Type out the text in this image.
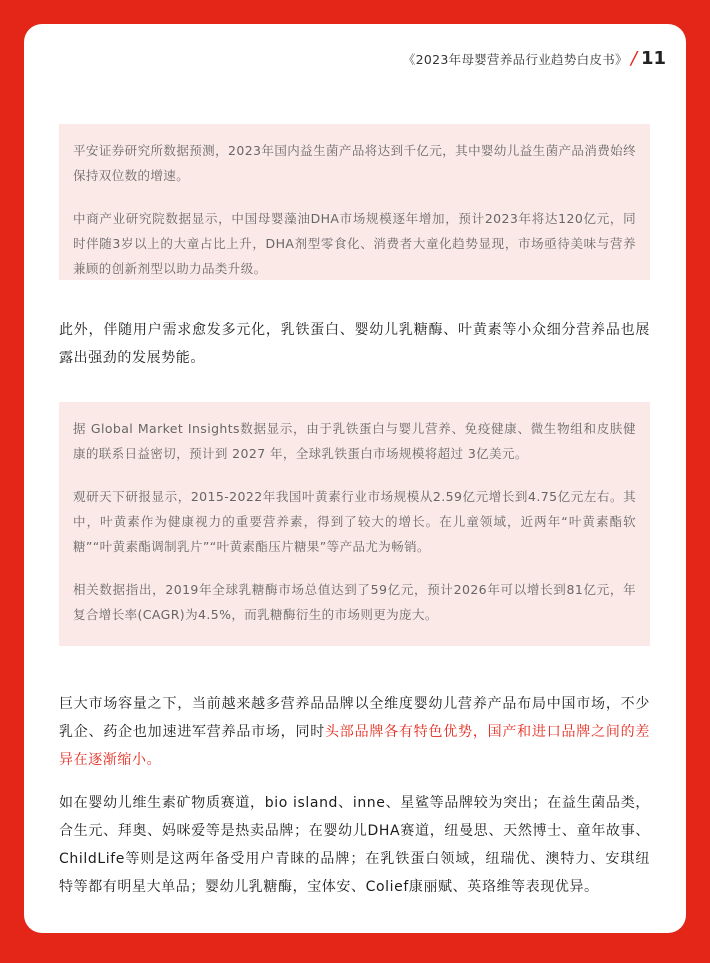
《2023年母婴营养品行业趋势白皮书》 / 11

平安证券研究所数据预测，2023年国内益生菌产品将达到千亿元，其中婴幼儿益生菌产品消费始终保持双位数的增速。

中商产业研究院数据显示，中国母婴藻油DHA市场规模逐年增加，预计2023年将达120亿元，同时伴随3岁以上的大童占比上升，DHA剂型零食化、消费者大童化趋势显现，市场亟待美味与营养兼顾的创新剂型以助力品类升级。

此外，伴随用户需求愈发多元化，乳铁蛋白、婴幼儿乳糖酶、叶黄素等小众细分营养品也展露出强劲的发展势能。

据 Global Market Insights数据显示，由于乳铁蛋白与婴儿营养、免疫健康、微生物组和皮肤健康的联系日益密切，预计到 2027 年，全球乳铁蛋白市场规模将超过 3亿美元。

观研天下研报显示，2015-2022年我国叶黄素行业市场规模从2.59亿元增长到4.75亿元左右。其中，叶黄素作为健康视力的重要营养素，得到了较大的增长。在儿童领域，近两年“叶黄素酯软糖”“叶黄素酯调制乳片”“叶黄素酯压片糖果”等产品尤为畅销。

相关数据指出，2019年全球乳糖酶市场总值达到了59亿元，预计2026年可以增长到81亿元，年复合增长率(CAGR)为4.5%，而乳糖酶衍生的市场则更为庞大。

巨大市场容量之下，当前越来越多营养品品牌以全维度婴幼儿营养产品布局中国市场，不少乳企、药企也加速进军营养品市场，同时头部品牌各有特色优势，国产和进口品牌之间的差异在逐渐缩小。

如在婴幼儿维生素矿物质赛道，bio island、inne、星鲨等品牌较为突出；在益生菌品类，合生元、拜奥、妈咪爱等是热卖品牌；在婴幼儿DHA赛道，纽曼思、天然博士、童年故事、ChildLife等则是这两年备受用户青睐的品牌；在乳铁蛋白领域，纽瑞优、澳特力、安琪纽特等都有明星大单品；婴幼儿乳糖酶，宝体安、Colief康丽赋、英珞维等表现优异。
